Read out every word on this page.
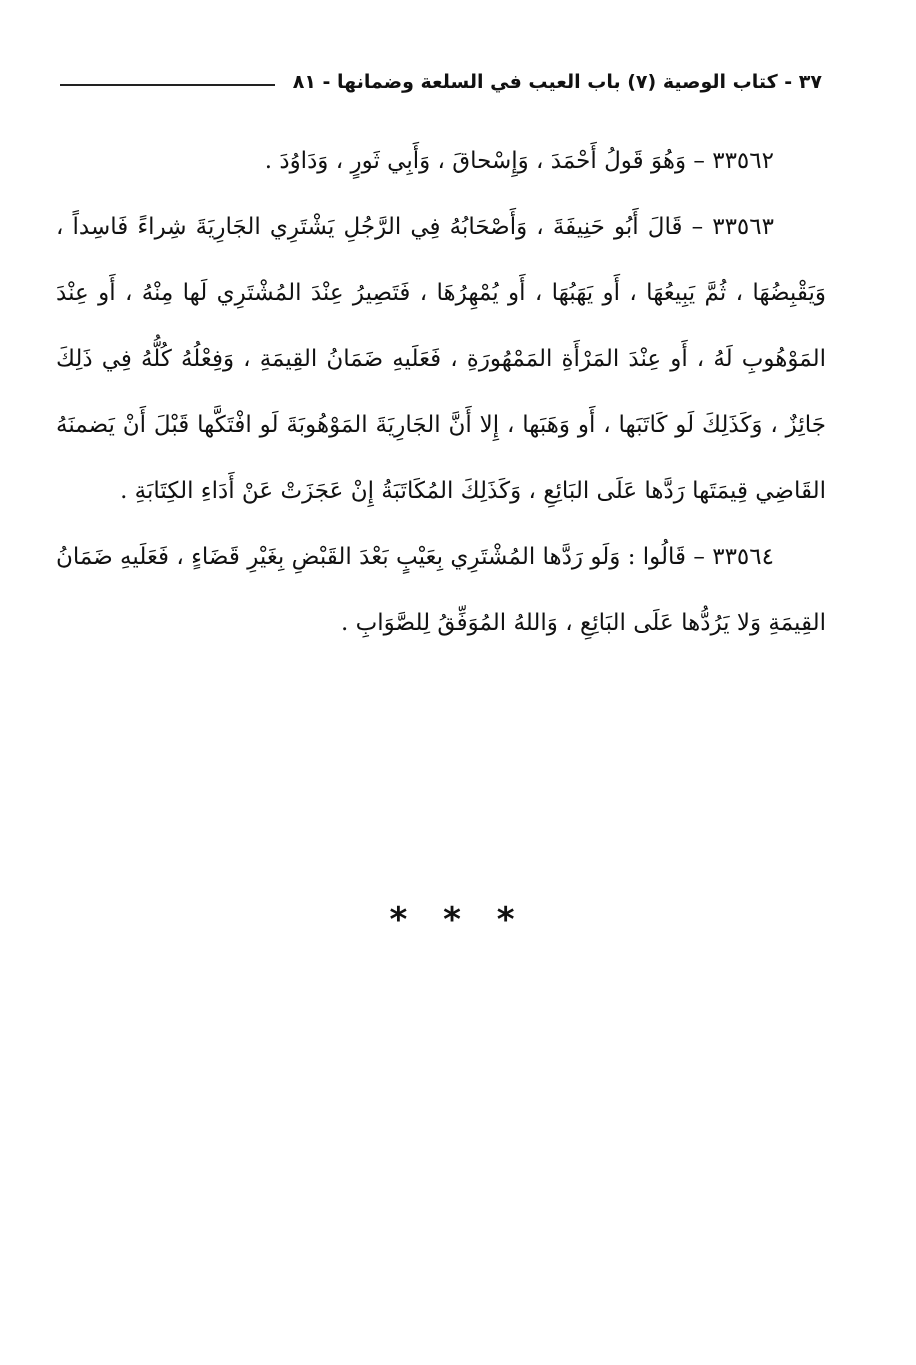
٣٧ - كتاب الوصية (٧) باب العيب في السلعة وضمانها - ٨١

٣٣٥٦٢ – وَهُوَ قَولُ أَحْمَدَ ، وَإِسْحاقَ ، وَأَبِي ثَورٍ ، وَدَاوُدَ .

٣٣٥٦٣ – قَالَ أَبُو حَنِيفَةَ ، وَأَصْحَابُهُ فِي الرَّجُلِ يَشْتَرِي الجَارِيَةَ شِراءً فَاسِداً ، وَيَقْبِضُهَا ، ثُمَّ يَبِيعُهَا ، أَو يَهَبُهَا ، أَو يُمْهِرُهَا ، فَتَصِيرُ عِنْدَ المُشْتَرِي لَها مِنْهُ ، أَو عِنْدَ المَوْهُوبِ لَهُ ، أَو عِنْدَ المَرْأَةِ المَمْهُورَةِ ، فَعَلَيهِ ضَمَانُ القِيمَةِ ، وَفِعْلُهُ كُلُّهُ فِي ذَلِكَ جَائِزٌ ، وَكَذَلِكَ لَو كَاتَبَها ، أَو وَهَبَها ، إِلا أَنَّ الجَارِيَةَ المَوْهُوبَةَ لَو افْتَكَّها قَبْلَ أَنْ يَضمنَهُ القَاضِي قِيمَتَها رَدَّها عَلَى البَائِعِ ، وَكَذَلِكَ المُكَاتَبَةُ إِنْ عَجَزَتْ عَنْ أَدَاءِ الكِتَابَةِ .

٣٣٥٦٤ – قَالُوا : وَلَو رَدَّها المُشْتَرِي بِعَيْبٍ بَعْدَ القَبْضِ بِغَيْرِ قَضَاءٍ ، فَعَلَيهِ ضَمَانُ القِيمَةِ وَلا يَرُدُّها عَلَى البَائِعِ ، وَاللهُ المُوَفِّقُ لِلصَّوَابِ .

* * *
